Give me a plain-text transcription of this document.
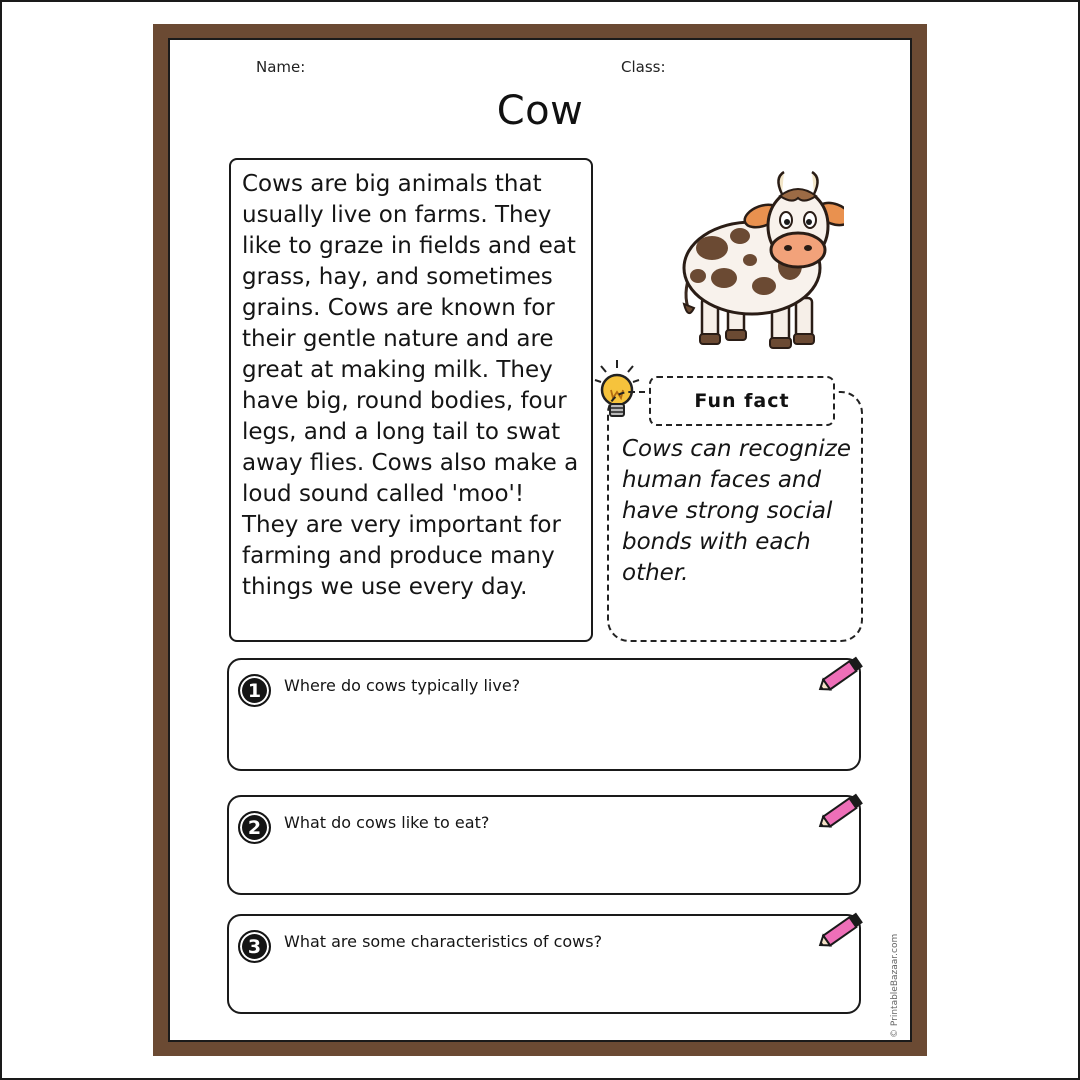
Name:	Class:
Cow

Cows are big animals that usually live on farms. They like to graze in fields and eat grass, hay, and sometimes grains. Cows are known for their gentle nature and are great at making milk. They have big, round bodies, four legs, and a long tail to swat away flies. Cows also make a loud sound called 'moo'! They are very important for farming and produce many things we use every day.

Fun fact

Cows can recognize human faces and have strong social bonds with each other.

1	Where do cows typically live?
2	What do cows like to eat?
3	What are some characteristics of cows?	© PrintableBazaar.com
